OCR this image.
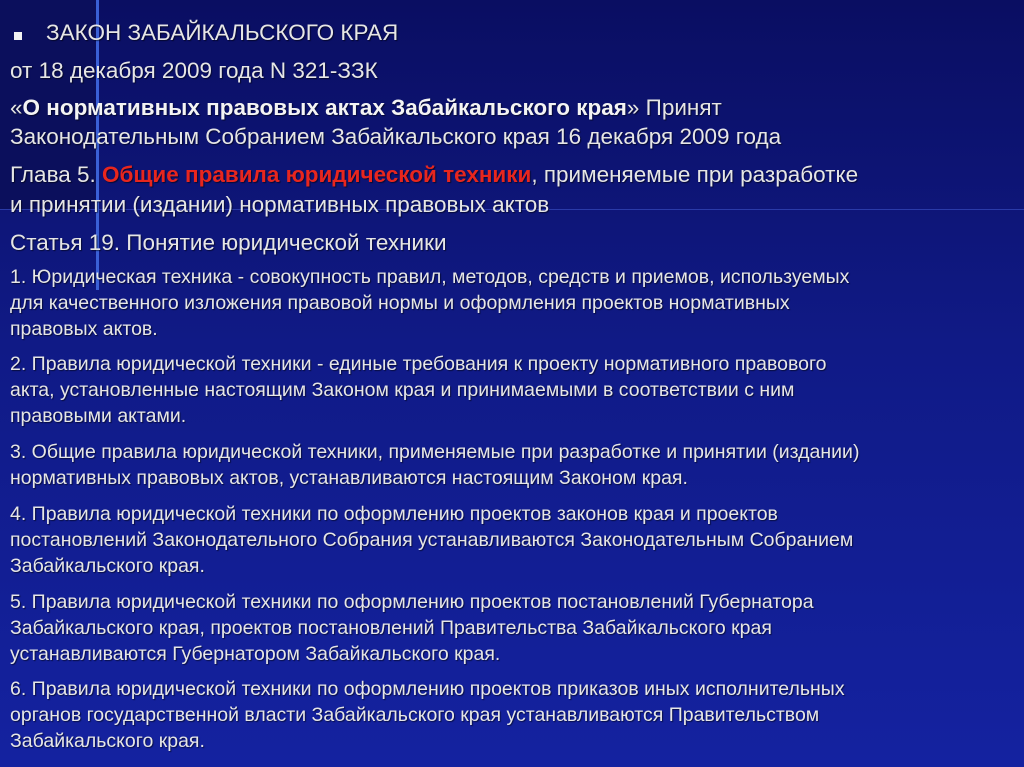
ЗАКОН ЗАБАЙКАЛЬСКОГО КРАЯ
от 18 декабря 2009 года N 321-ЗЗК
«О нормативных правовых актах Забайкальского края» Принят
Законодательным Собранием Забайкальского края 16 декабря 2009 года
Глава 5. Общие правила юридической техники, применяемые при разработке
и принятии (издании) нормативных правовых актов
Статья 19. Понятие юридической техники
1. Юридическая техника - совокупность правил, методов, средств и приемов, используемых
для качественного изложения правовой нормы и оформления проектов нормативных
правовых актов.
2. Правила юридической техники - единые требования к проекту нормативного правового
акта, установленные настоящим Законом края и принимаемыми в соответствии с ним
правовыми актами.
3. Общие правила юридической техники, применяемые при разработке и принятии (издании)
нормативных правовых актов, устанавливаются настоящим Законом края.
4. Правила юридической техники по оформлению проектов законов края и проектов
постановлений Законодательного Собрания устанавливаются Законодательным Собранием
Забайкальского края.
5. Правила юридической техники по оформлению проектов постановлений Губернатора
Забайкальского края, проектов постановлений Правительства Забайкальского края
устанавливаются Губернатором Забайкальского края.
6. Правила юридической техники по оформлению проектов приказов иных исполнительных
органов государственной власти Забайкальского края устанавливаются Правительством
Забайкальского края.
